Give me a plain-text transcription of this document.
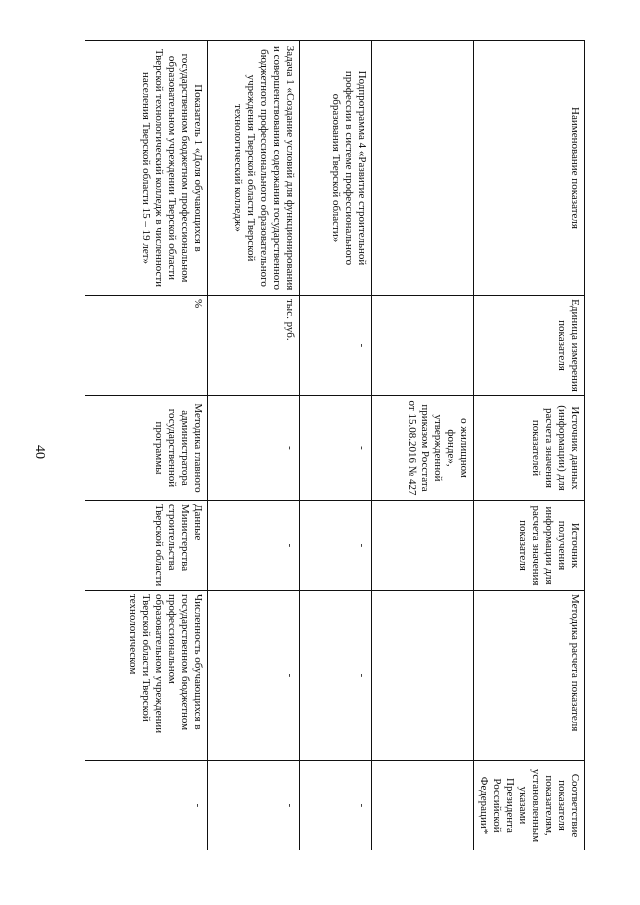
40
Наименование показателя	Единица измерения показателя	Источник данных (информации) для расчета значения показателей	Источник получения информации для расчета значения показателя	Методика расчета показателя	Соответствие показателя показателям, установленным указами Президента Российской Федерации*
		о жилищном фонде», утвержденной приказом Росстата от 15.08.2016 № 427			
Подпрограмма 4 «Развитие строительной профессии в системе профессионального образования Тверской области»	-	-	-	-	-
Задача 1 «Создание условий для функционирования и совершенствования содержания государственного бюджетного профессионального образовательного учреждения Тверской области Тверской технологический колледж»	тыс. руб.	-	-	-	-
Показатель 1 «Доля обучающихся в государственном бюджетном профессиональном образовательном учреждении Тверской области Тверской технологический колледж в численности населения Тверской области 15 – 19 лет»	%	Методика главного администратора государственной программы	Данные Министерства строительства Тверской области	Численность обучающихся в государственном бюджетном профессиональном образовательном учреждении Тверской области Тверской технологическом	-
